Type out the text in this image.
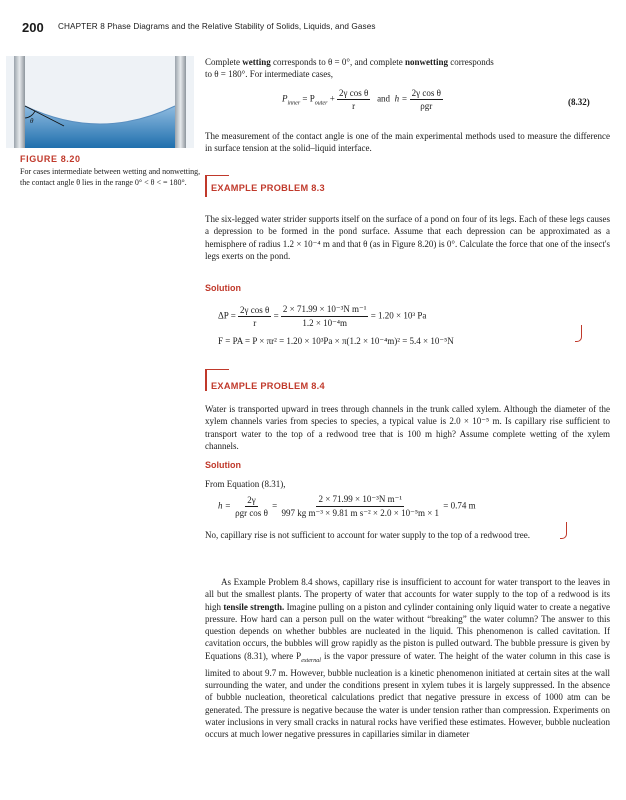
200 CHAPTER 8 Phase Diagrams and the Relative Stability of Solids, Liquids, and Gases
θ
FIGURE 8.20
For cases intermediate between wetting and nonwetting, the contact angle θ lies in the range 0° < θ < = 180°.
Complete wetting corresponds to θ = 0°, and complete nonwetting corresponds
to θ = 180°. For intermediate cases,
$P_{inner} = P_{outer} + \frac{\text{2γ cos θ}}{r}$ and $h = \frac{\text{2γ cos θ}}{\text{ρgr}}$	(8.32)
The measurement of the contact angle is one of the main experimental methods used to measure the difference in surface tension at the solid–liquid interface.
EXAMPLE PROBLEM 8.3
The six-legged water strider supports itself on the surface of a pond on four of its legs. Each of these legs causes a depression to be formed in the pond surface. Assume that each depression can be approximated as a hemisphere of radius 1.2 × 10⁻⁴ m and that θ (as in Figure 8.20) is 0°. Calculate the force that one of the insect's legs exerts on the pond.
Solution
$\Delta P = \frac{\text{2γ cos θ}}{r} = \frac{\text{2 × 71.99 × 10⁻³N m⁻¹}}{\text{1.2 × 10⁻⁴m}} = 1.20 \times 10^3$ Pa
F = PA = P × πr² = 1.20 × 10³Pa × π(1.2 × 10⁻⁴m)² = 5.4 × 10⁻⁵N
EXAMPLE PROBLEM 8.4
Water is transported upward in trees through channels in the trunk called xylem. Although the diameter of the xylem channels varies from species to species, a typical value is 2.0 × 10⁻⁵ m. Is capillary rise sufficient to transport water to the top of a redwood tree that is 100 m high? Assume complete wetting of the xylem channels.
Solution
From Equation (8.31),
$h = \frac{2\gamma}{\text{ρgr cos θ}} = \frac{\text{2 × 71.99 × 10⁻³N m⁻¹}}{\text{997 kg m⁻³ × 9.81 m s⁻² × 2.0 × 10⁻⁵m × 1}} = 0.74$ m
No, capillary rise is not sufficient to account for water supply to the top of a redwood tree.
As Example Problem 8.4 shows, capillary rise is insufficient to account for water transport to the leaves in all but the smallest plants. The property of water that accounts for water supply to the top of a redwood is its high tensile strength. Imagine pulling on a piston and cylinder containing only liquid water to create a negative pressure. How hard can a person pull on the water without “breaking” the water column? The answer to this question depends on whether bubbles are nucleated in the liquid. This phenomenon is called cavitation. If cavitation occurs, the bubbles will grow rapidly as the piston is pulled outward. The bubble pressure is given by Equations (8.31), where $P_{external}$ is the vapor pressure of water. The height of the water column in this case is limited to about 9.7 m. However, bubble nucleation is a kinetic phenomenon initiated at certain sites at the wall surrounding the water, and under the conditions present in xylem tubes it is largely suppressed. In the absence of bubble nucleation, theoretical calculations predict that negative pressure in excess of 1000 atm can be generated. The pressure is negative because the water is under tension rather than compression. Experiments on water inclusions in very small cracks in natural rocks have verified these estimates. However, bubble nucleation occurs at much lower negative pressures in capillaries similar in diameter
